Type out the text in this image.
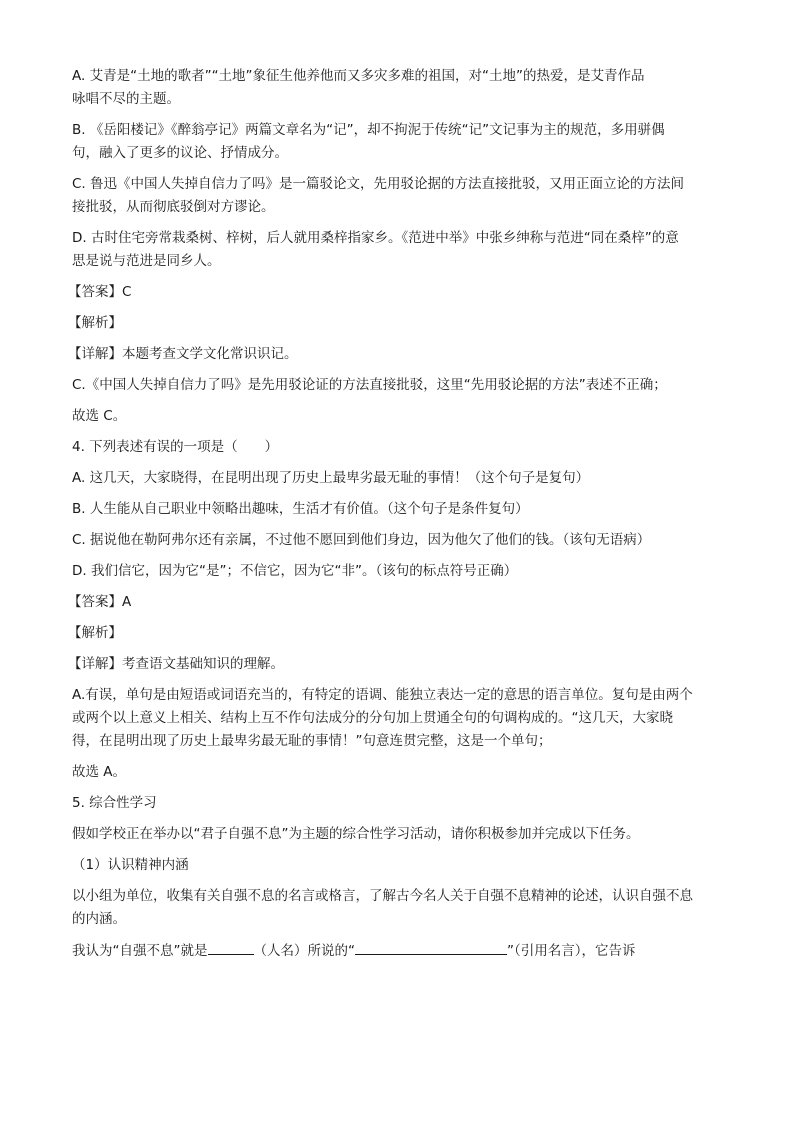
A. 艾青是“土地的歌者”“土地”象征生他养他而又多灾多难的祖国，对“土地”的热爱，是艾青作品
咏唱不尽的主题。
B. 《岳阳楼记》《醉翁亭记》两篇文章名为“记”，却不拘泥于传统“记”文记事为主的规范，多用骈偶
句，融入了更多的议论、抒情成分。
C. 鲁迅《中国人失掉自信力了吗》是一篇驳论文，先用驳论据的方法直接批驳，又用正面立论的方法间
接批驳，从而彻底驳倒对方谬论。
D. 古时住宅旁常栽桑树、梓树，后人就用桑梓指家乡。《范进中举》中张乡绅称与范进“同在桑梓”的意
思是说与范进是同乡人。
【答案】C
【解析】
【详解】本题考查文学文化常识识记。
C.《中国人失掉自信力了吗》是先用驳论证的方法直接批驳，这里“先用驳论据的方法”表述不正确；
故选 C。
4. 下列表述有误的一项是（　　）
A. 这几天，大家晓得，在昆明出现了历史上最卑劣最无耻的事情！（这个句子是复句）
B. 人生能从自己职业中领略出趣味，生活才有价值。（这个句子是条件复句）
C. 据说他在勒阿弗尔还有亲属，不过他不愿回到他们身边，因为他欠了他们的钱。（该句无语病）
D. 我们信它，因为它“是”；不信它，因为它“非”。（该句的标点符号正确）
【答案】A
【解析】
【详解】考查语文基础知识的理解。
A.有误，单句是由短语或词语充当的，有特定的语调、能独立表达一定的意思的语言单位。复句是由两个
或两个以上意义上相关、结构上互不作句法成分的分句加上贯通全句的句调构成的。“这几天，大家晓
得，在昆明出现了历史上最卑劣最无耻的事情！”句意连贯完整，这是一个单句；
故选 A。
5. 综合性学习
假如学校正在举办以“君子自强不息”为主题的综合性学习活动，请你积极参加并完成以下任务。
（1）认识精神内涵
以小组为单位，收集有关自强不息的名言或格言，了解古今名人关于自强不息精神的论述，认识自强不息
的内涵。
我认为“自强不息”就是	（人名）所说的“	”（引用名言），它告诉
